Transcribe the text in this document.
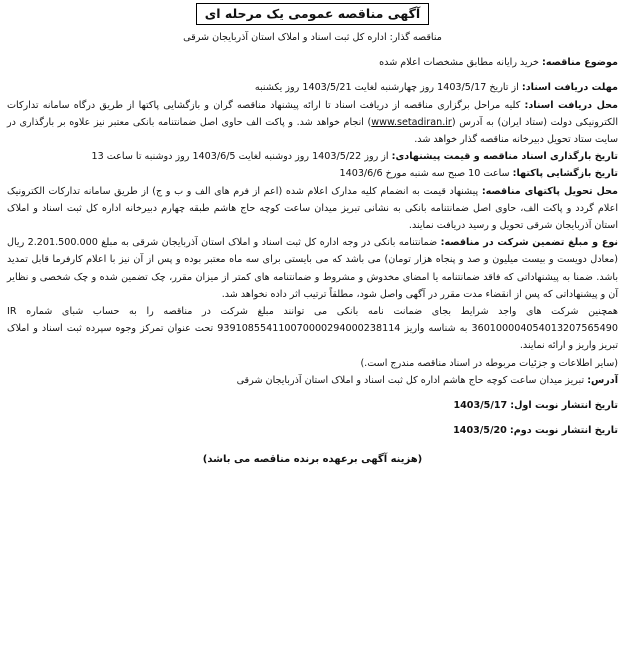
آگهی مناقصه عمومی یک مرحله ای

مناقصه گذار: اداره کل ثبت اسناد و املاک استان آذربایجان شرقی

موضوع مناقصه: خرید رایانه مطابق مشخصات اعلام شده

مهلت دریافت اسناد: از تاریخ 1403/5/17 روز چهارشنبه لغایت 1403/5/21 روز یکشنبه

محل دریافت اسناد: کلیه مراحل برگزاری مناقصه از دریافت اسناد تا ارائه پیشنهاد مناقصه گران و بازگشایی پاکتها از طریق درگاه سامانه تدارکات الکترونیکی دولت (ستاد ایران) به آدرس (www.setadiran.ir) انجام خواهد شد. و پاکت الف حاوی اصل ضمانتنامه بانکی معتبر نیز علاوه بر بارگذاری در سایت ستاد تحویل دبیرخانه مناقصه گذار خواهد شد.

تاریخ بارگذاری اسناد مناقصه و قیمت پیشنهادی: از روز 1403/5/22 روز دوشنبه لغایت 1403/6/5 روز دوشنبه تا ساعت 13

تاریخ بازگشایی پاکتها: ساعت 10 صبح سه شنبه مورخ 1403/6/6

محل تحویل پاکتهای مناقصه: پیشنهاد قیمت به انضمام کلیه مدارک اعلام شده (اعم از فرم های الف و ب و ج) از طریق سامانه تدارکات الکترونیک اعلام گردد و پاکت الف، حاوی اصل ضمانتنامه بانکی به نشانی تبریز میدان ساعت کوچه حاج هاشم طبقه چهارم دبیرخانه اداره کل ثبت اسناد و املاک استان آذربایجان شرقی تحویل و رسید دریافت نمایند.

نوع و مبلغ تضمین شرکت در مناقصه: ضمانتنامه بانکی در وجه اداره کل ثبت اسناد و املاک استان آذربایجان شرقی به مبلغ 2.201.500.000 ریال (معادل دویست و بیست میلیون و صد و پنجاه هزار تومان) می باشد که می بایستی برای سه ماه معتبر بوده و پس از آن نیز با اعلام کارفرما قابل تمدید باشد. ضمنا به پیشنهاداتی که فاقد ضمانتنامه یا امضای مخدوش و مشروط و ضمانتنامه های کمتر از میزان مقرر، چک تضمین شده و چک شخصی و نظایر آن و پیشنهاداتی که پس از انقضاء مدت مقرر در آگهی واصل شود، مطلقاً ترتیب اثر داده نخواهد شد.

همچنین شرکت های واجد شرایط بجای ضمانت نامه بانکی می توانند مبلغ شرکت در مناقصه را به حساب شبای شماره IR 360100004054013207565490 به شناسه واریز 939108554110070000294000238114 تحت عنوان تمرکز وجوه سپرده ثبت اسناد و املاک تبریز واریز و ارائه نمایند.

(سایر اطلاعات و جزئیات مربوطه در اسناد مناقصه مندرج است.)

آدرس: تبریز میدان ساعت کوچه حاج هاشم اداره کل ثبت اسناد و املاک استان آذربایجان شرقی

تاریخ انتشار نوبت اول: 1403/5/17

تاریخ انتشار نوبت دوم: 1403/5/20

(هزینه آگهی برعهده برنده مناقصه می باشد)
